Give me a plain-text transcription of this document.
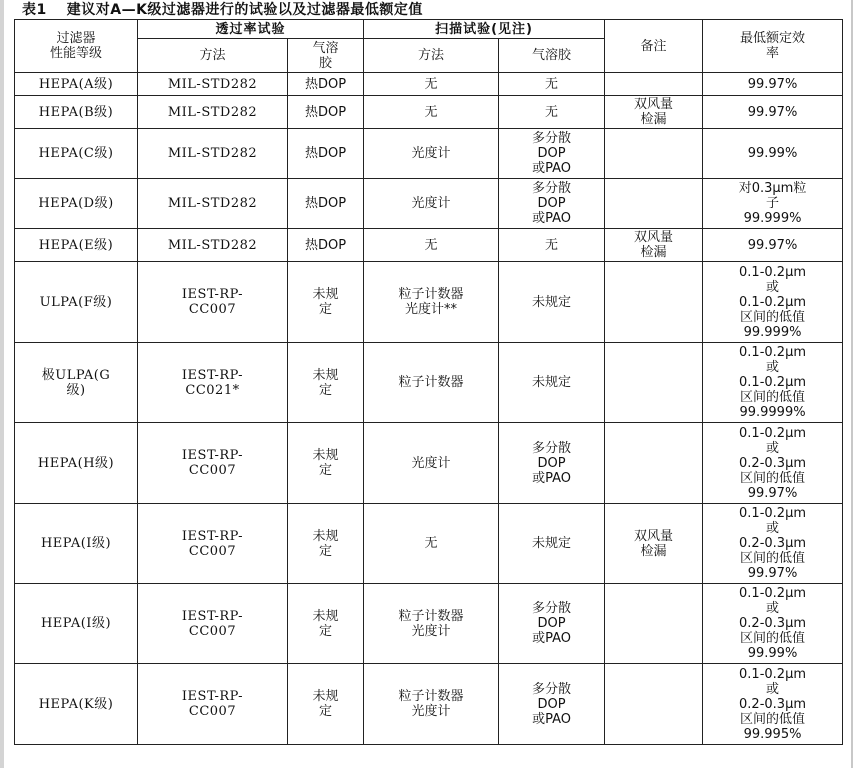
表1 建议对A—K级过滤器进行的试验以及过滤器最低额定值
过滤器
性能等级	透过率试验		扫描试验(见注)		备注	最低额定效
率

	方法	气溶
胶	方法	气溶胶		

HEPA(A级)	MIL-STD282	热DOP	无	无		99.97%

HEPA(B级)	MIL-STD282	热DOP	无	无	双风量
检漏	99.97%

HEPA(C级)	MIL-STD282	热DOP	光度计	多分散
DOP
或PAO		99.99%

HEPA(D级)	MIL-STD282	热DOP	光度计	多分散
DOP
或PAO		对0.3μm粒
子
99.999%

HEPA(E级)	MIL-STD282	热DOP	无	无	双风量
检漏	99.97%

ULPA(F级)	IEST-RP-
CC007	未规
定	粒子计数器
光度计**	未规定		0.1-0.2μm
或
0.1-0.2μm
区间的低值
99.999%

极ULPA(G
级)	IEST-RP-
CC021*	未规
定	粒子计数器	未规定		0.1-0.2μm
或
0.1-0.2μm
区间的低值
99.9999%

HEPA(H级)	IEST-RP-
CC007	未规
定	光度计	多分散
DOP
或PAO		0.1-0.2μm
或
0.2-0.3μm
区间的低值
99.97%

HEPA(I级)	IEST-RP-
CC007	未规
定	无	未规定	双风量
检漏	0.1-0.2μm
或
0.2-0.3μm
区间的低值
99.97%

HEPA(I级)	IEST-RP-
CC007	未规
定	粒子计数器
光度计	多分散
DOP
或PAO		0.1-0.2μm
或
0.2-0.3μm
区间的低值
99.99%

HEPA(K级)	IEST-RP-
CC007	未规
定	粒子计数器
光度计	多分散
DOP
或PAO		0.1-0.2μm
或
0.2-0.3μm
区间的低值
99.995%
